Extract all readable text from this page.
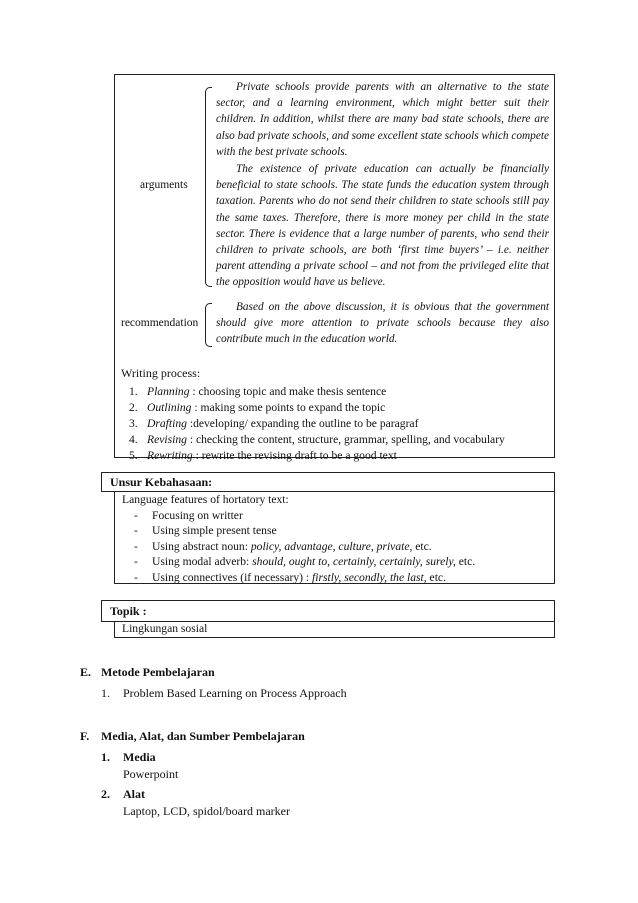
arguments
recommendation

Private schools provide parents with an alternative to the state sector, and a learning environment, which might better suit their children. In addition, whilst there are many bad state schools, there are also bad private schools, and some excellent state schools which compete with the best private schools.

The existence of private education can actually be financially beneficial to state schools. The state funds the education system through taxation. Parents who do not send their children to state schools still pay the same taxes. Therefore, there is more money per child in the state sector. There is evidence that a large number of parents, who send their children to private schools, are both ‘first time buyers’ – i.e. neither parent attending a private school – and not from the privileged elite that the opposition would have us believe.

Based on the above discussion, it is obvious that the government should give more attention to private schools because they also contribute much in the education world.

Writing process:
1. Planning : choosing topic and make thesis sentence
2. Outlining : making some points to expand the topic
3. Drafting :developing/ expanding the outline to be paragraf
4. Revising : checking the content, structure, grammar, spelling, and vocabulary
5. Rewriting : rewrite the revising draft to be a good text
Unsur Kebahasaan:
Language features of hortatory text:
- Focusing on writter
- Using simple present tense
- Using abstract noun: policy, advantage, culture, private, etc.
- Using modal adverb: should, ought to, certainly, certainly, surely, etc.
- Using connectives (if necessary) : firstly, secondly, the last, etc.
Topik :
Lingkungan sosial
E. Metode Pembelajaran
1. Problem Based Learning on Process Approach
F. Media, Alat, dan Sumber Pembelajaran
1. Media
Powerpoint
2. Alat
Laptop, LCD, spidol/board marker
